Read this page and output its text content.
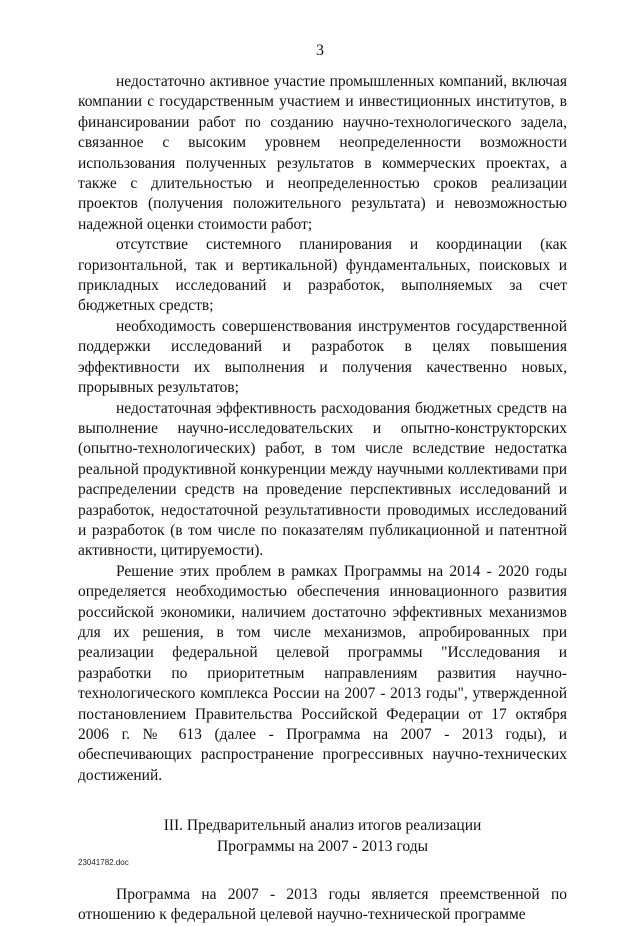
3

недостаточно активное участие промышленных компаний, включая компании с государственным участием и инвестиционных институтов, в финансировании работ по созданию научно-технологического задела, связанное с высоким уровнем неопределенности возможности использования полученных результатов в коммерческих проектах, а также с длительностью и неопределенностью сроков реализации проектов (получения положительного результата) и невозможностью надежной оценки стоимости работ;

отсутствие системного планирования и координации (как горизонтальной, так и вертикальной) фундаментальных, поисковых и прикладных исследований и разработок, выполняемых за счет бюджетных средств;

необходимость совершенствования инструментов государственной поддержки исследований и разработок в целях повышения эффективности их выполнения и получения качественно новых, прорывных результатов;

недостаточная эффективность расходования бюджетных средств на выполнение научно-исследовательских и опытно-конструкторских (опытно-технологических) работ, в том числе вследствие недостатка реальной продуктивной конкуренции между научными коллективами при распределении средств на проведение перспективных исследований и разработок, недостаточной результативности проводимых исследований и разработок (в том числе по показателям публикационной и патентной активности, цитируемости).

Решение этих проблем в рамках Программы на 2014 - 2020 годы определяется необходимостью обеспечения инновационного развития российской экономики, наличием достаточно эффективных механизмов для их решения, в том числе механизмов, апробированных при реализации федеральной целевой программы "Исследования и разработки по приоритетным направлениям развития научно-технологического комплекса России на 2007 - 2013 годы", утвержденной постановлением Правительства Российской Федерации от 17 октября 2006 г. № 613 (далее - Программа на 2007 - 2013 годы), и обеспечивающих распространение прогрессивных научно-технических достижений.

III. Предварительный анализ итогов реализации
Программы на 2007 - 2013 годы

Программа на 2007 - 2013 годы является преемственной по отношению к федеральной целевой научно-технической программе

23041782.doc
